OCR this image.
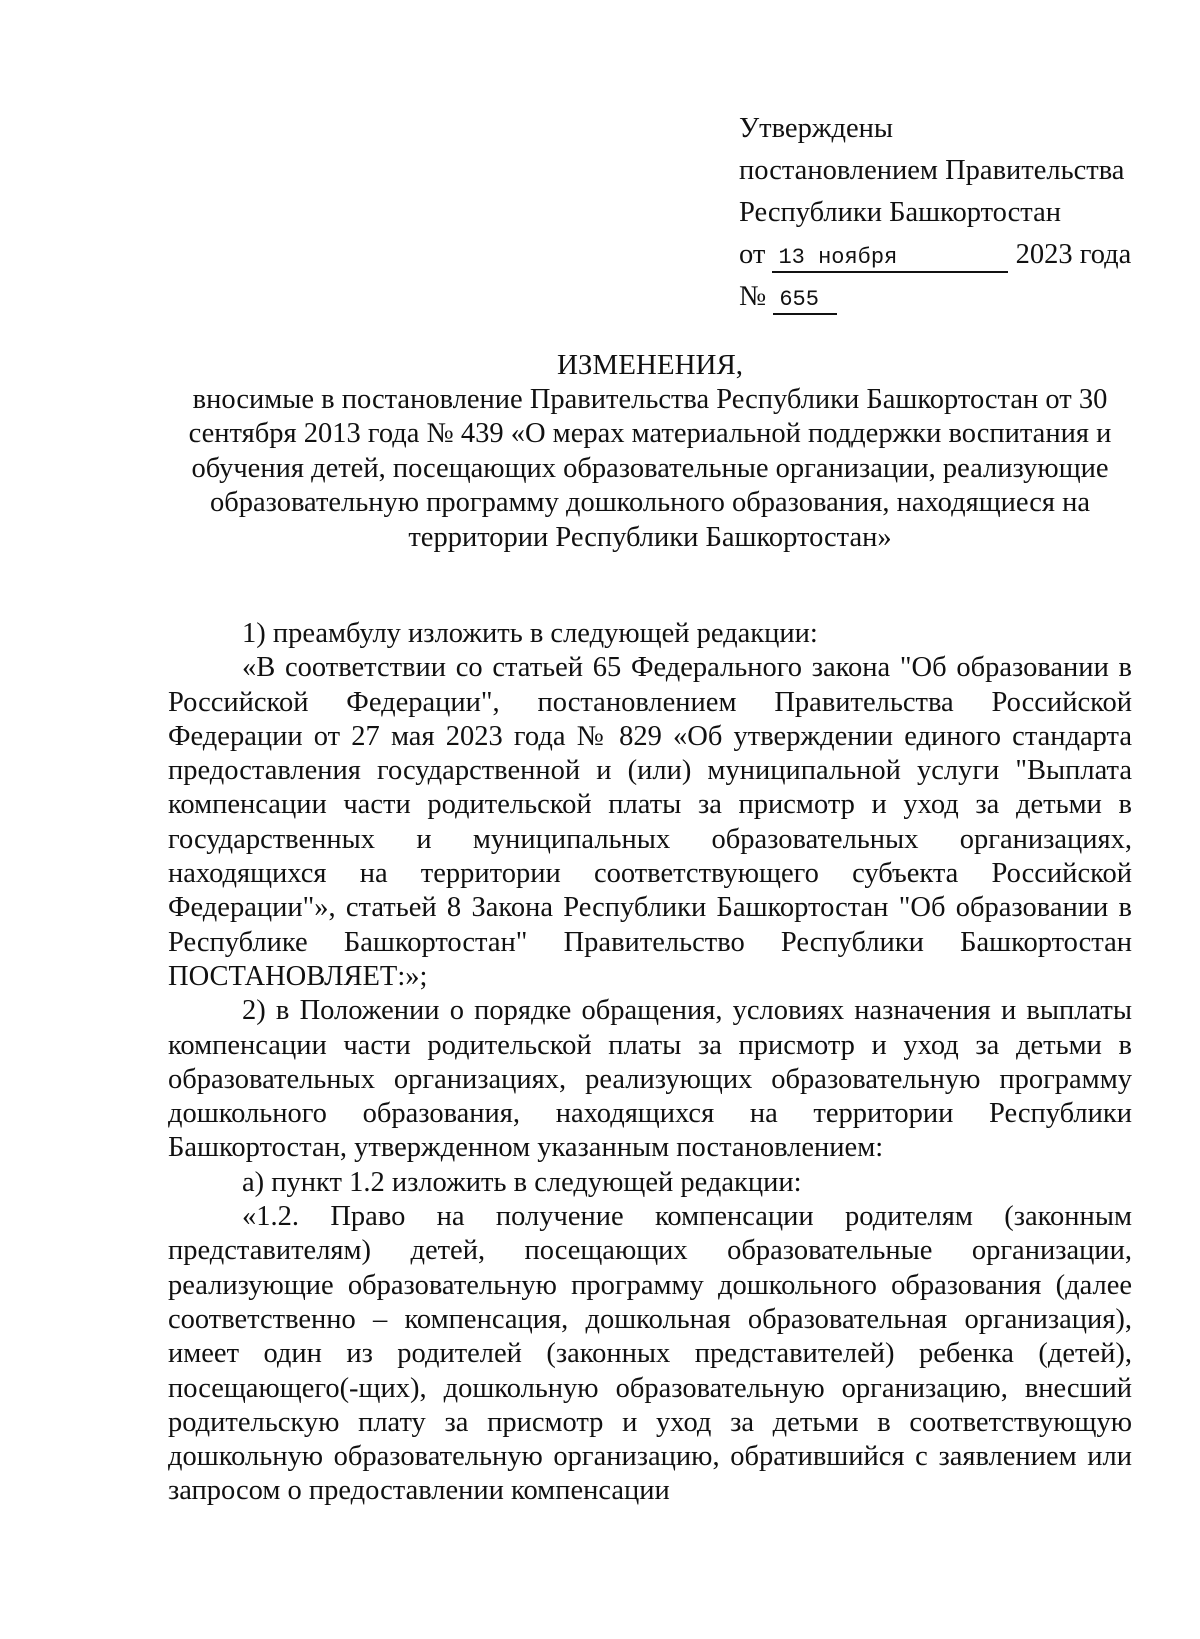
Утверждены
постановлением Правительства
Республики Башкортостан
от 13 ноября	2023 года
№ 655
ИЗМЕНЕНИЯ,
вносимые в постановление Правительства Республики Башкортостан от 30 сентября 2013 года № 439 «О мерах материальной поддержки воспитания и обучения детей, посещающих образовательные организации, реализующие образовательную программу дошкольного образования, находящиеся на территории Республики Башкортостан»

1) преамбулу изложить в следующей редакции:

«В соответствии со статьей 65 Федерального закона "Об образовании в Российской Федерации", постановлением Правительства Российской Федерации от 27 мая 2023 года № 829 «Об утверждении единого стандарта предоставления государственной и (или) муниципальной услуги "Выплата компенсации части родительской платы за присмотр и уход за детьми в государственных и муниципальных образовательных организациях, находящихся на территории соответствующего субъекта Российской Федерации"», статьей 8 Закона Республики Башкортостан "Об образовании в Республике Башкортостан" Правительство Республики Башкортостан ПОСТАНОВЛЯЕТ:»;

2) в Положении о порядке обращения, условиях назначения и выплаты компенсации части родительской платы за присмотр и уход за детьми в образовательных организациях, реализующих образовательную программу дошкольного образования, находящихся на территории Республики Башкортостан, утвержденном указанным постановлением:

а) пункт 1.2 изложить в следующей редакции:

«1.2. Право на получение компенсации родителям (законным представителям) детей, посещающих образовательные организации, реализующие образовательную программу дошкольного образования (далее соответственно – компенсация, дошкольная образовательная организация), имеет один из родителей (законных представителей) ребенка (детей), посещающего(-щих), дошкольную образовательную организацию, внесший родительскую плату за присмотр и уход за детьми в соответствующую дошкольную образовательную организацию, обратившийся с заявлением или запросом о предоставлении компенсации
